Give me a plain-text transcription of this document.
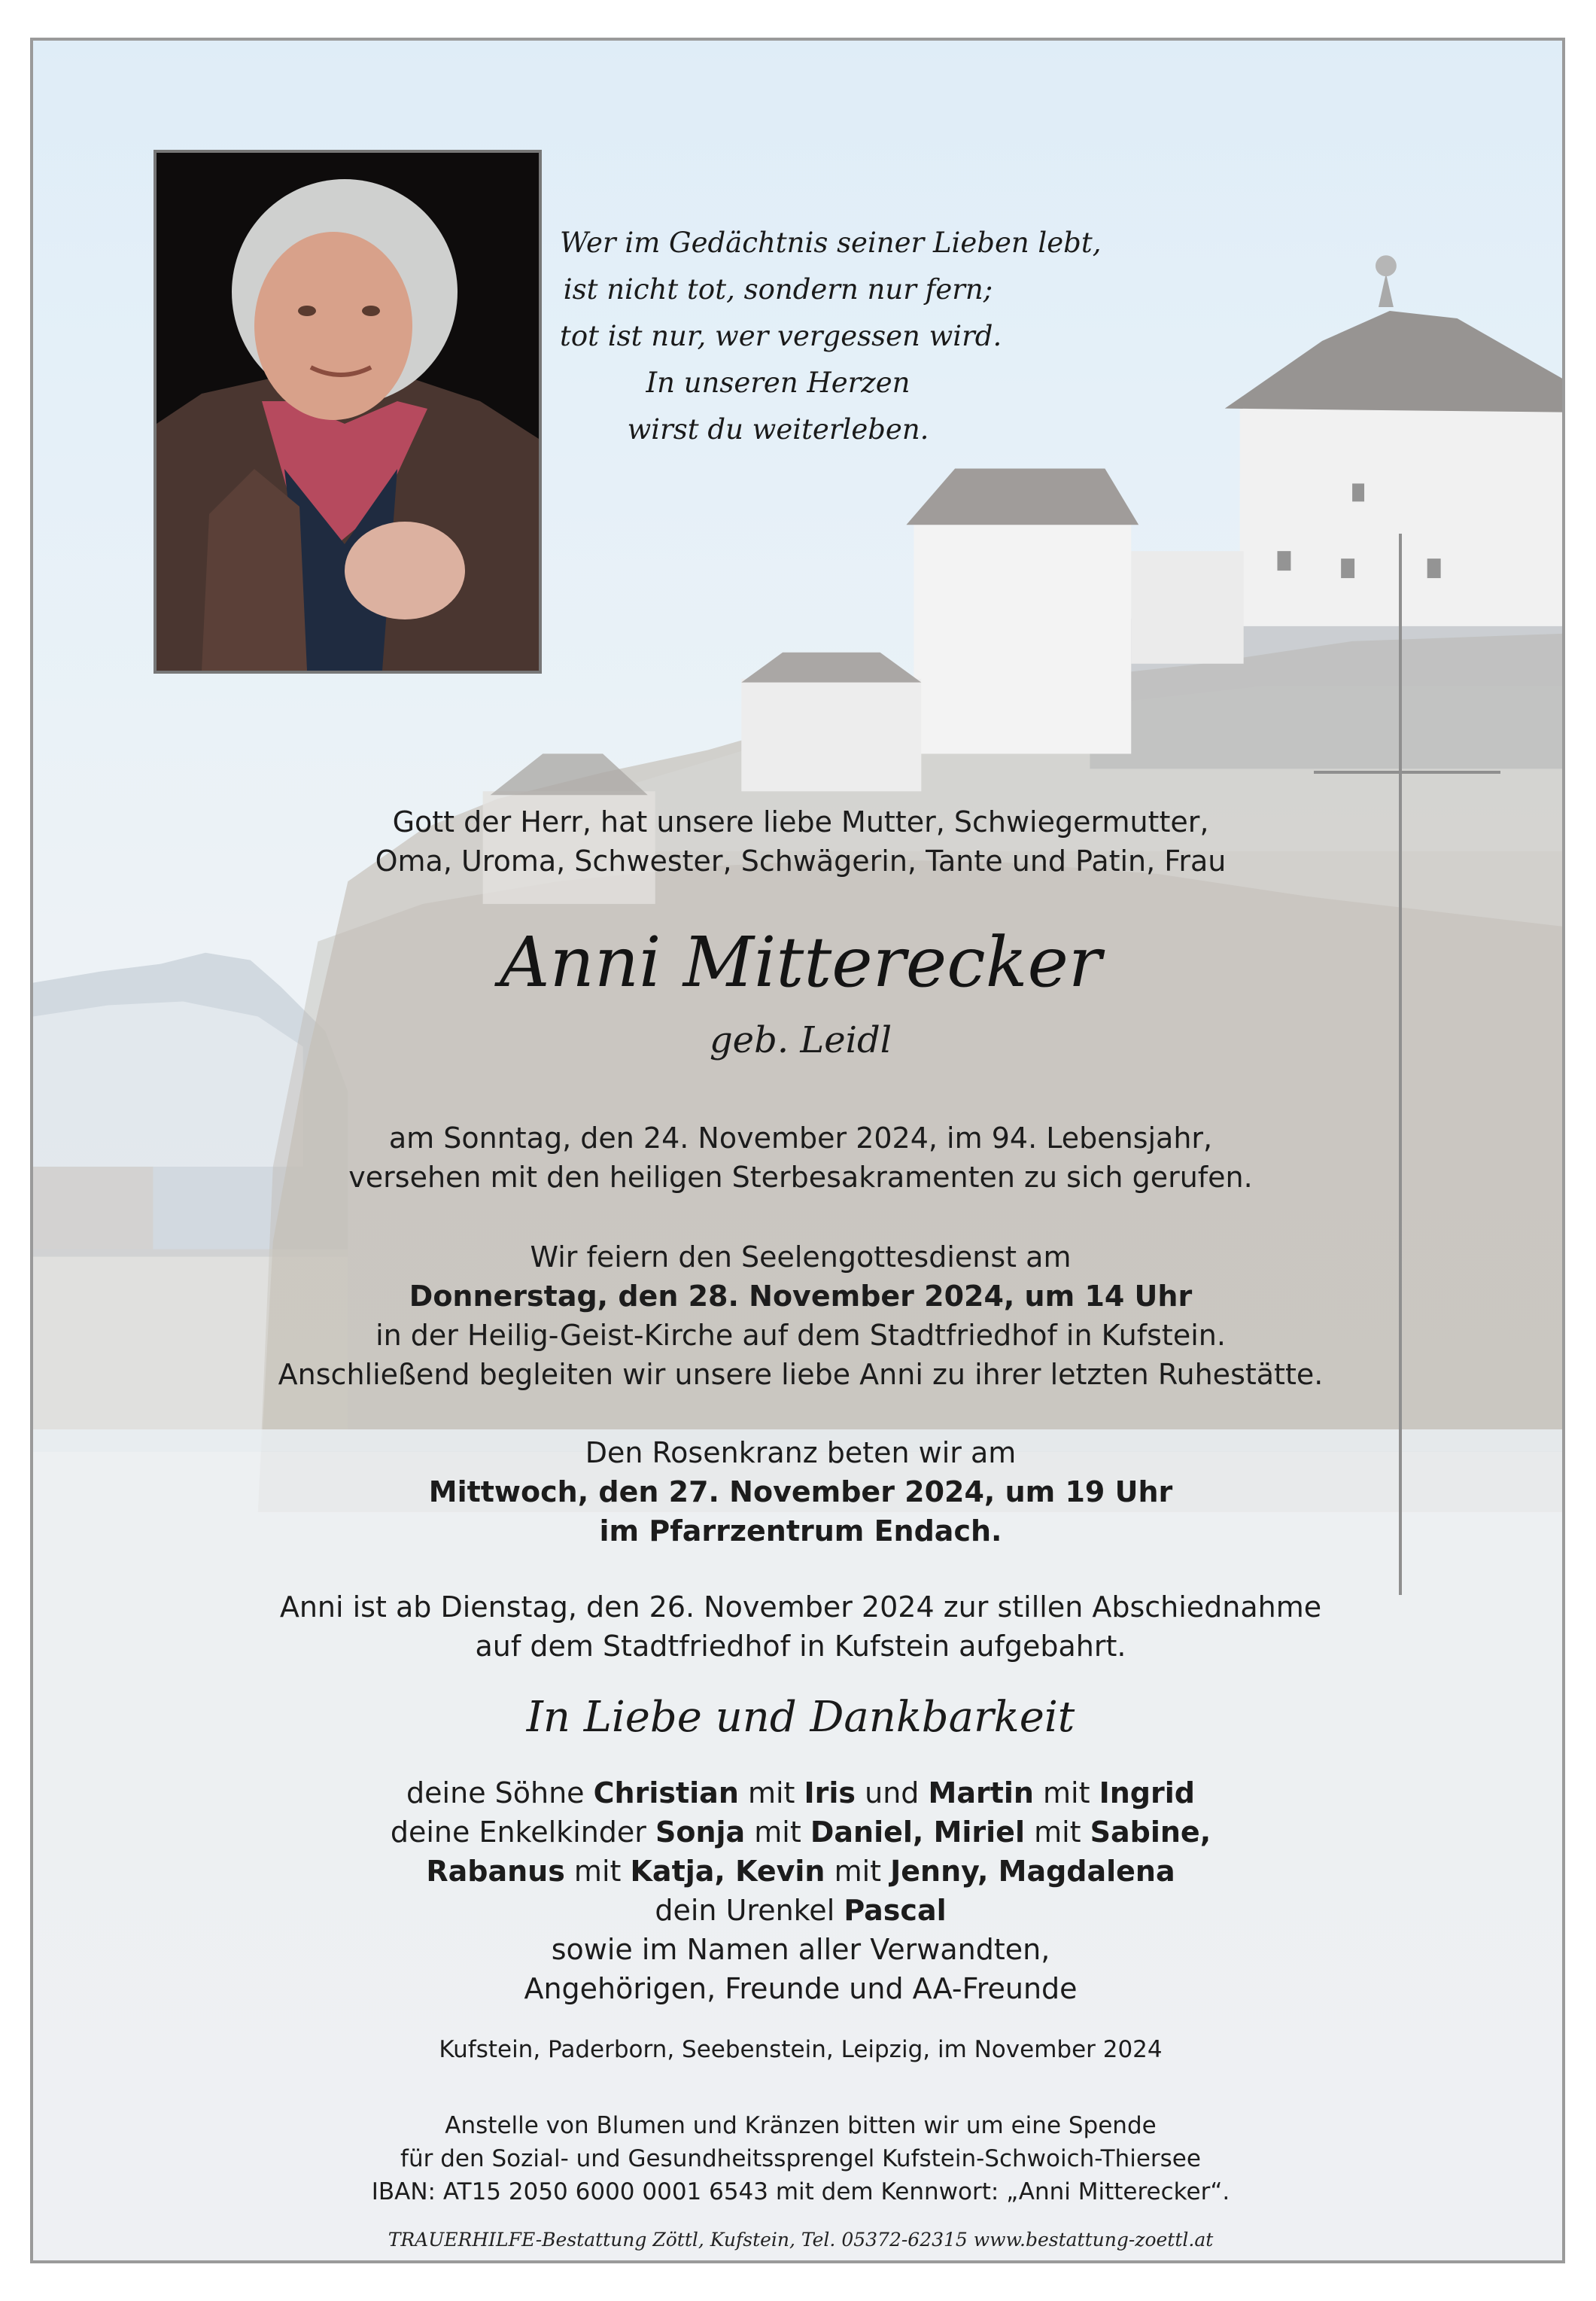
Wer im Gedächtnis seiner Lieben lebt,
ist nicht tot, sondern nur fern;
tot ist nur, wer vergessen wird.
In unseren Herzen
wirst du weiterleben.
Gott der Herr, hat unsere liebe Mutter, Schwiegermutter,
Oma, Uroma, Schwester, Schwägerin, Tante und Patin, Frau
Anni Mitterecker
geb. Leidl
am Sonntag, den 24. November 2024, im 94. Lebensjahr,
versehen mit den heiligen Sterbesakramenten zu sich gerufen.
Wir feiern den Seelengottesdienst am
Donnerstag, den 28. November 2024, um 14 Uhr
in der Heilig-Geist-Kirche auf dem Stadtfriedhof in Kufstein.
Anschließend begleiten wir unsere liebe Anni zu ihrer letzten Ruhestätte.
Den Rosenkranz beten wir am
Mittwoch, den 27. November 2024, um 19 Uhr
im Pfarrzentrum Endach.
Anni ist ab Dienstag, den 26. November 2024 zur stillen Abschiednahme
auf dem Stadtfriedhof in Kufstein aufgebahrt.
In Liebe und Dankbarkeit
deine Söhne Christian mit Iris und Martin mit Ingrid
deine Enkelkinder Sonja mit Daniel, Miriel mit Sabine,
Rabanus mit Katja, Kevin mit Jenny, Magdalena
dein Urenkel Pascal
sowie im Namen aller Verwandten,
Angehörigen, Freunde und AA-Freunde
Kufstein, Paderborn, Seebenstein, Leipzig, im November 2024
Anstelle von Blumen und Kränzen bitten wir um eine Spende
für den Sozial- und Gesundheitssprengel Kufstein-Schwoich-Thiersee
IBAN: AT15 2050 6000 0001 6543 mit dem Kennwort: „Anni Mitterecker“.
TRAUERHILFE-Bestattung Zöttl, Kufstein, Tel. 05372-62315 www.bestattung-zoettl.at
